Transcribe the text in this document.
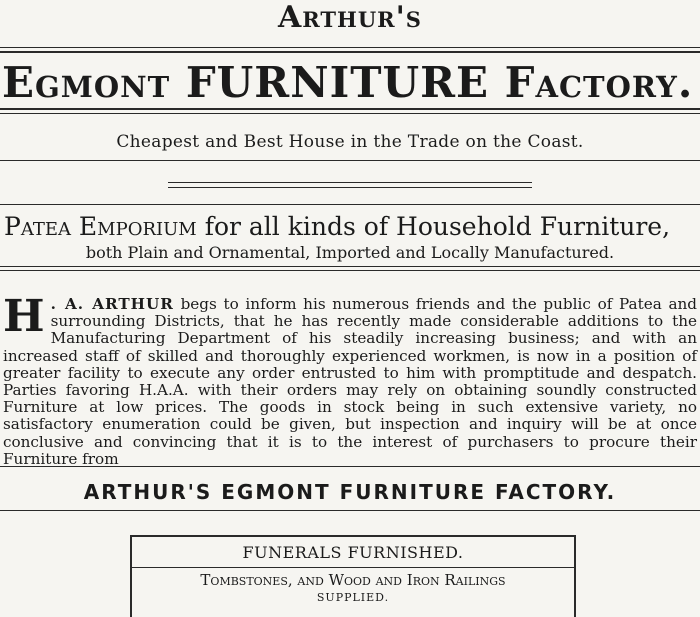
Arthur's
Egmont FURNITURE Factory.
Cheapest and Best House in the Trade on the Coast.
Patea Emporium for all kinds of Household Furniture,
both Plain and Ornamental, Imported and Locally Manufactured.
H . A. ARTHUR begs to inform his numerous friends and the public of Patea and surrounding Districts, that he has recently made considerable additions to the Manufacturing Department of his steadily increasing business; and with an increased staff of skilled and thoroughly experienced workmen, is now in a position of greater facility to execute any order entrusted to him with promptitude and despatch. Parties favoring H.A.A. with their orders may rely on obtaining soundly constructed Furniture at low prices. The goods in stock being in such extensive variety, no satisfactory enumeration could be given, but inspection and inquiry will be at once conclusive and convincing that it is to the interest of purchasers to procure their Furniture from
ARTHUR'S EGMONT FURNITURE FACTORY.
FUNERALS FURNISHED.
Tombstones, and Wood and Iron Railings
SUPPLIED.
